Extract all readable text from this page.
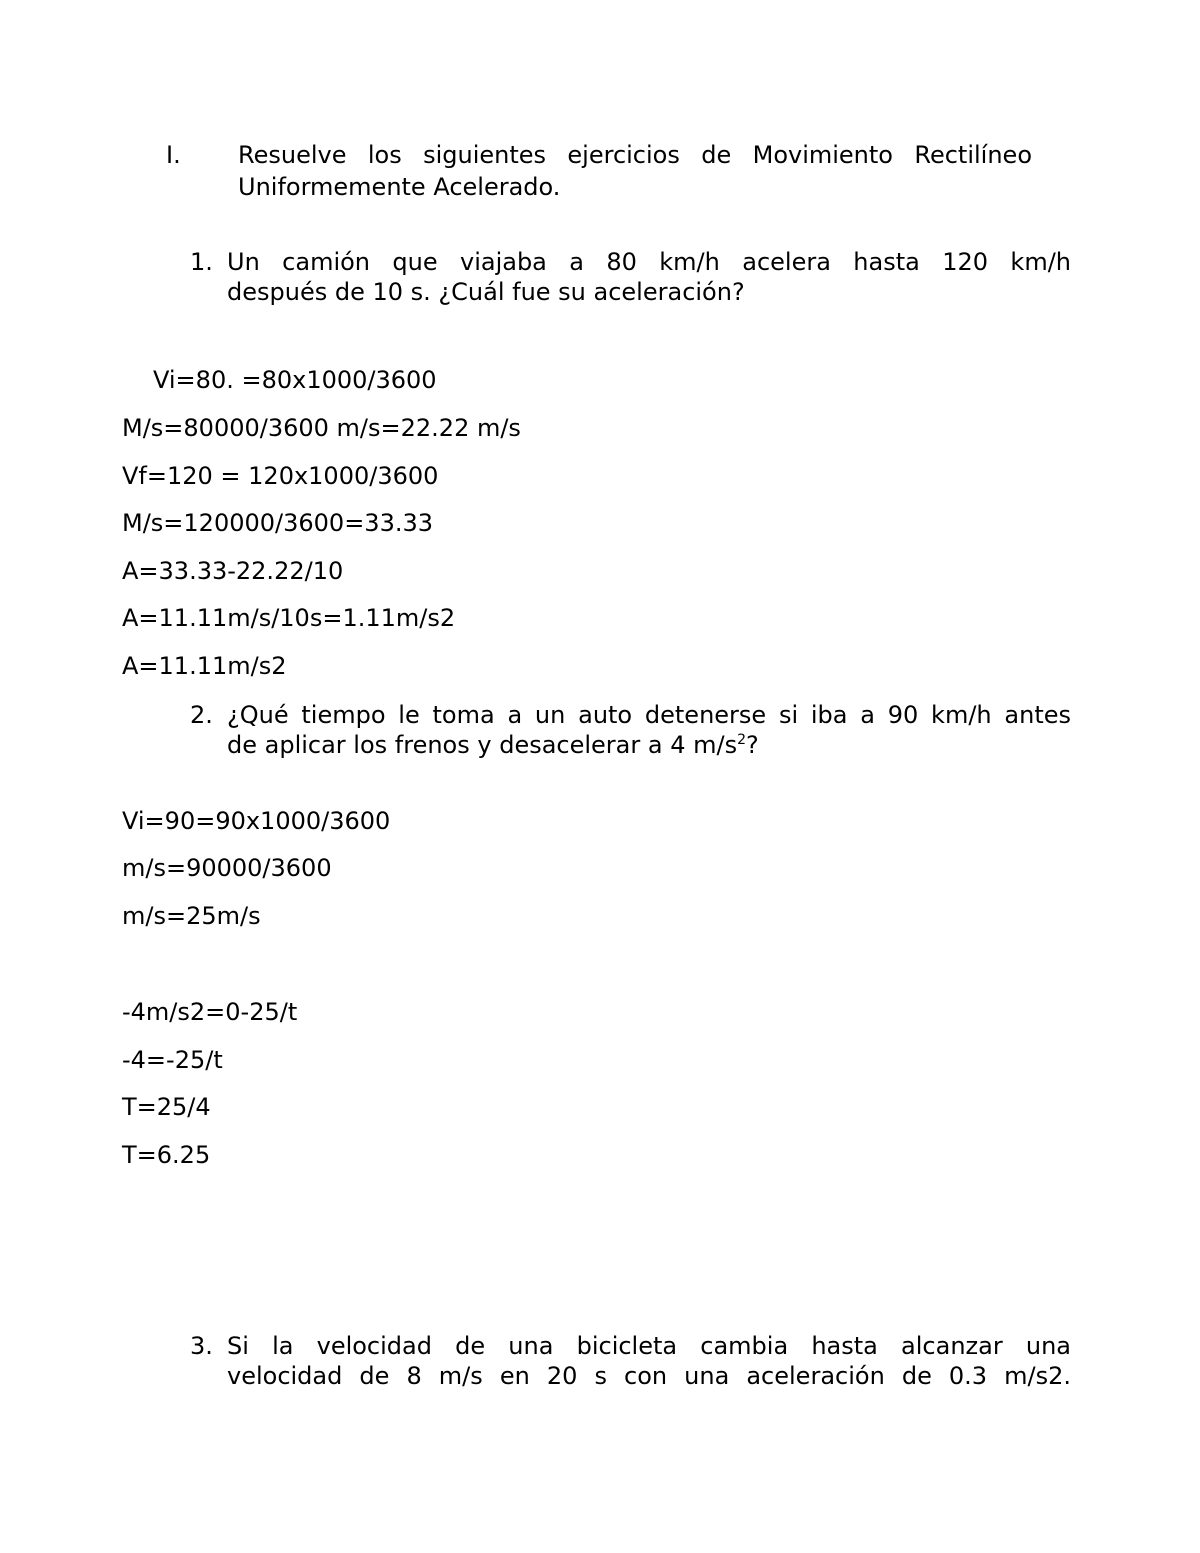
I. Resuelve los siguientes ejercicios de Movimiento Rectilíneo
Uniformemente Acelerado.
1. Un camión que viajaba a 80 km/h acelera hasta 120 km/h
después de 10 s. ¿Cuál fue su aceleración?
Vi=80. =80x1000/3600
M/s=80000/3600 m/s=22.22 m/s
Vf=120 = 120x1000/3600
M/s=120000/3600=33.33
A=33.33-22.22/10
A=11.11m/s/10s=1.11m/s2
A=11.11m/s2
2. ¿Qué tiempo le toma a un auto detenerse si iba a 90 km/h antes
de aplicar los frenos y desacelerar a 4 $m/s^2$?
Vi=90=90x1000/3600
m/s=90000/3600
m/s=25m/s
-4m/s2=0-25/t
-4=-25/t
T=25/4
T=6.25
3. Si la velocidad de una bicicleta cambia hasta alcanzar una
velocidad de 8 m/s en 20 s con una aceleración de 0.3 m/s2.
